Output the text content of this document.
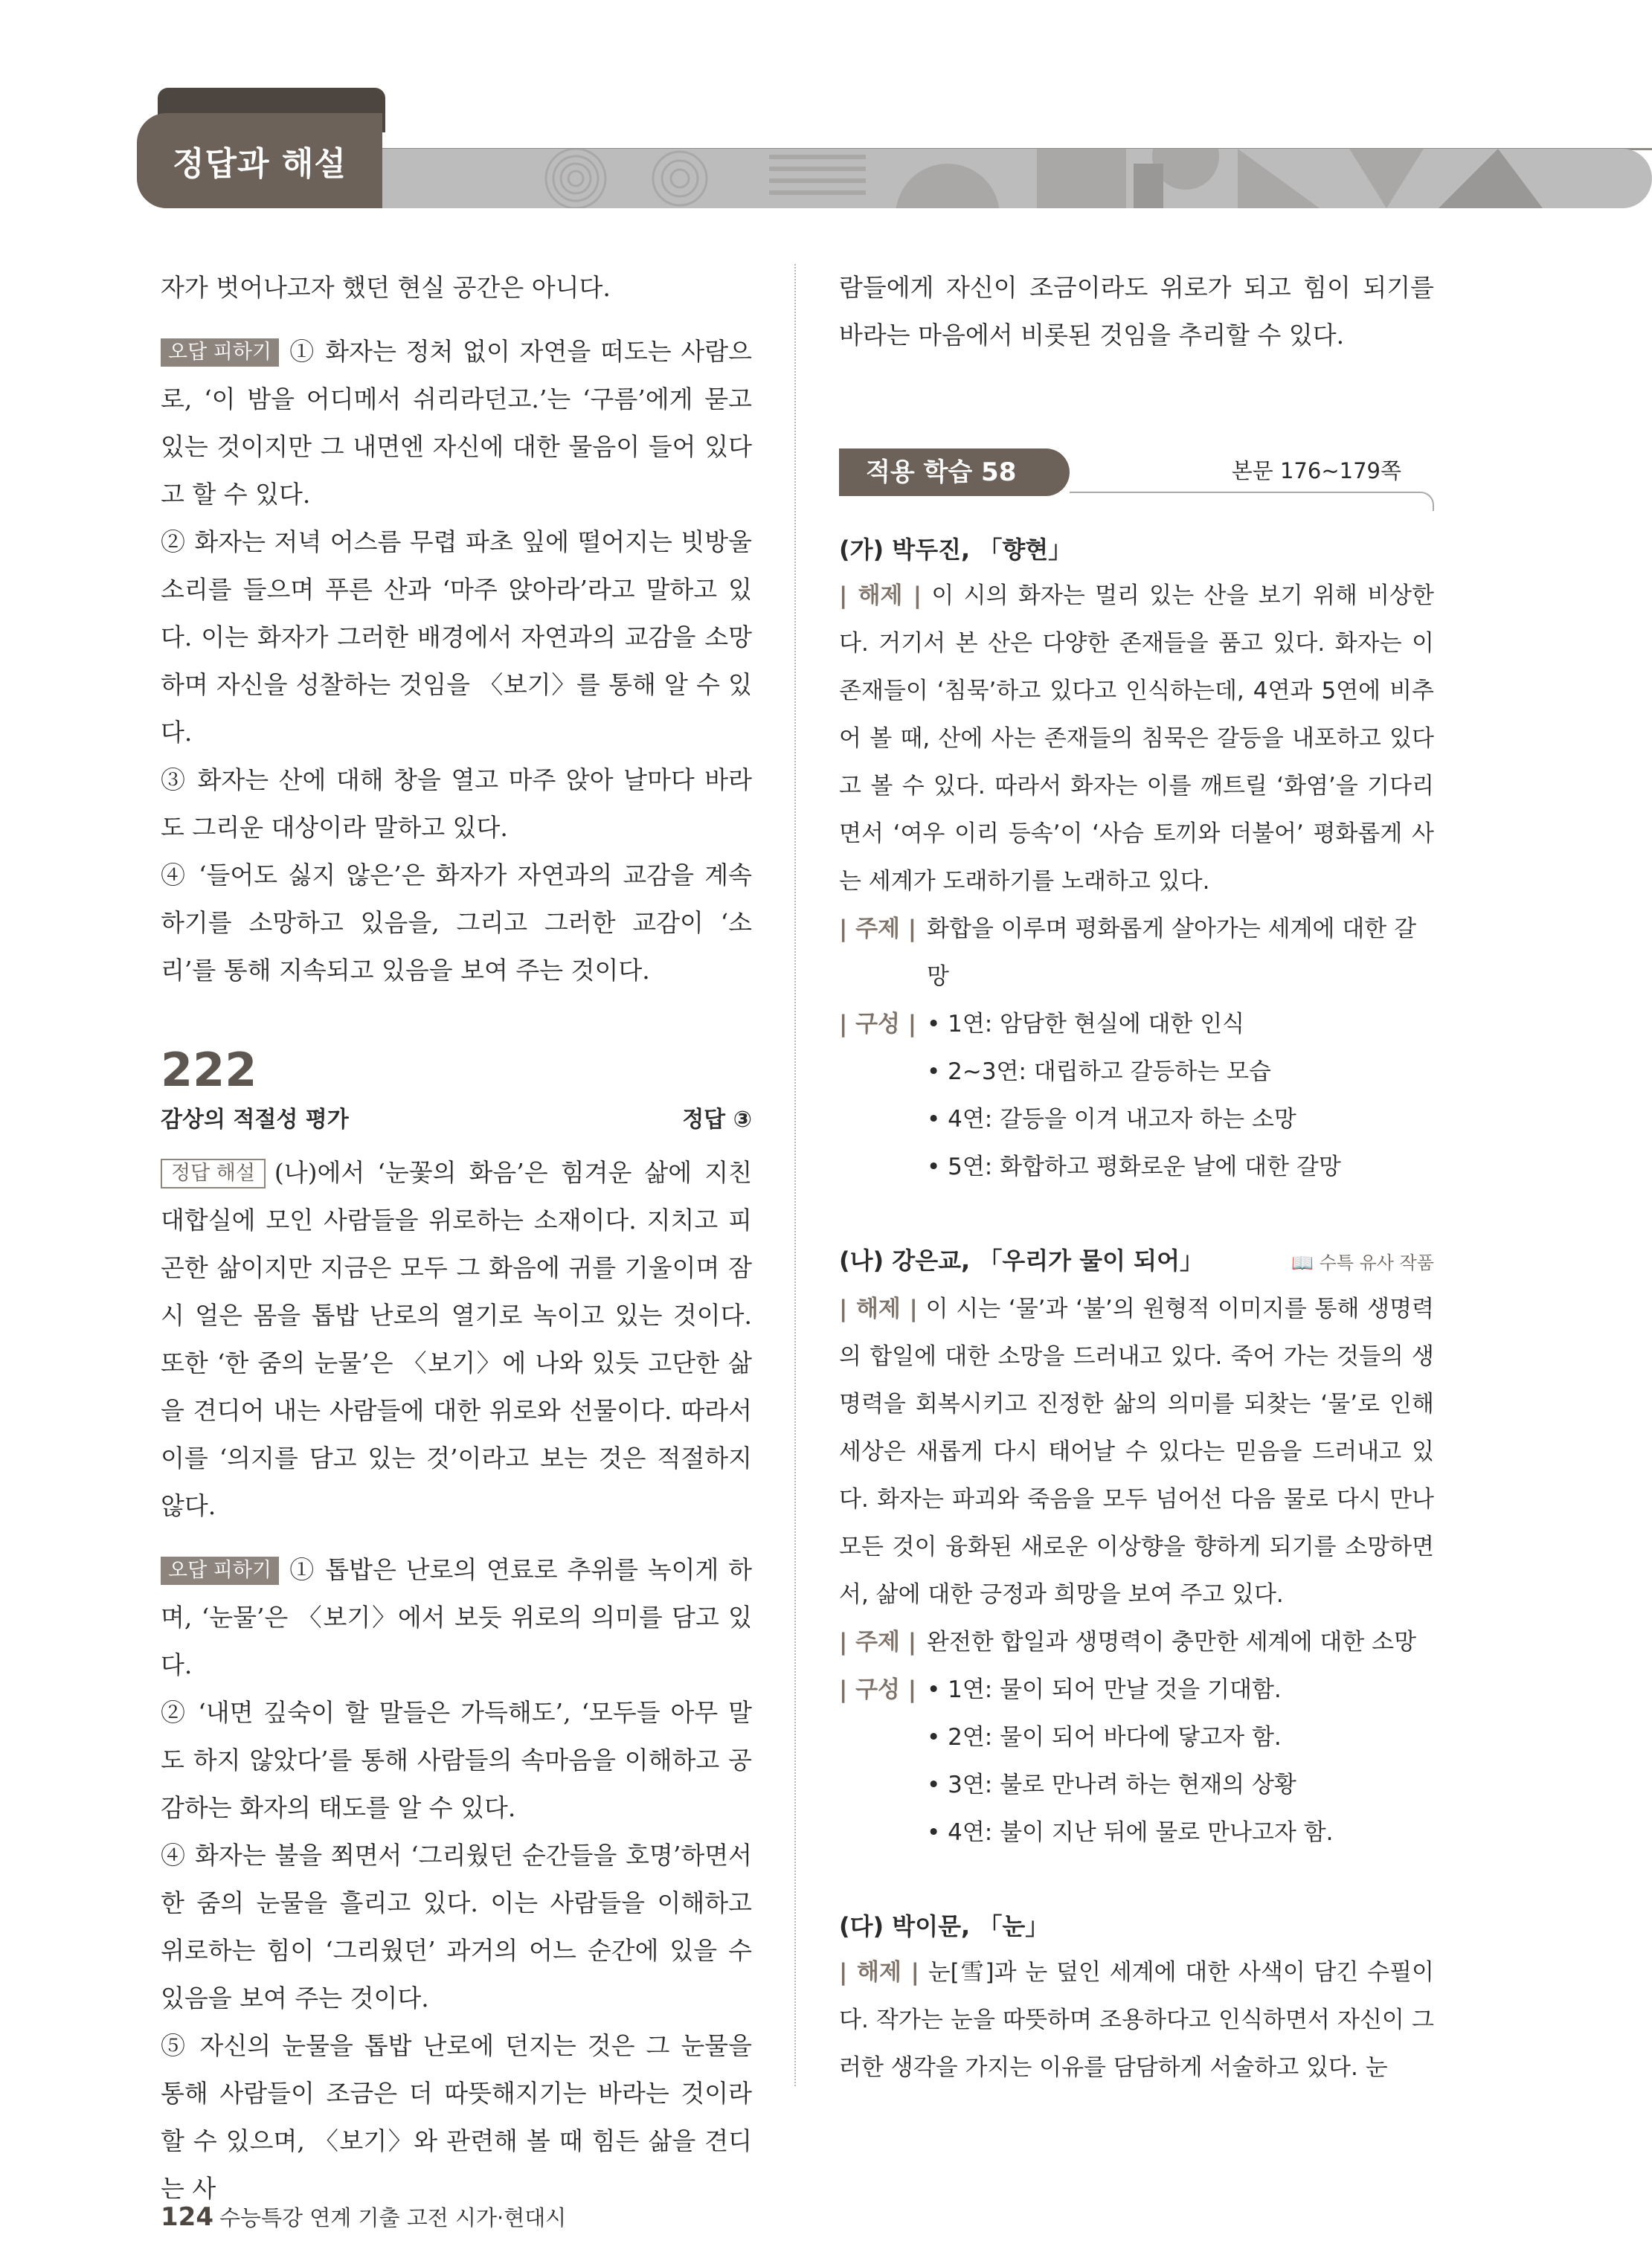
정답과 해설

자가 벗어나고자 했던 현실 공간은 아니다.

오답 피하기 ① 화자는 정처 없이 자연을 떠도는 사람으로, ‘이 밤을 어디메서 쉬리라던고.’는 ‘구름’에게 묻고 있는 것이지만 그 내면엔 자신에 대한 물음이 들어 있다고 할 수 있다.

② 화자는 저녁 어스름 무렵 파초 잎에 떨어지는 빗방울 소리를 들으며 푸른 산과 ‘마주 앉아라’라고 말하고 있다. 이는 화자가 그러한 배경에서 자연과의 교감을 소망하며 자신을 성찰하는 것임을 〈보기〉를 통해 알 수 있다.

③ 화자는 산에 대해 창을 열고 마주 앉아 날마다 바라도 그리운 대상이라 말하고 있다.

④ ‘들어도 싫지 않은’은 화자가 자연과의 교감을 계속하기를 소망하고 있음을, 그리고 그러한 교감이 ‘소리’를 통해 지속되고 있음을 보여 주는 것이다.

222
감상의 적절성 평가	정답 ③

정답 해설 (나)에서 ‘눈꽃의 화음’은 힘겨운 삶에 지친 대합실에 모인 사람들을 위로하는 소재이다. 지치고 피곤한 삶이지만 지금은 모두 그 화음에 귀를 기울이며 잠시 얼은 몸을 톱밥 난로의 열기로 녹이고 있는 것이다. 또한 ‘한 줌의 눈물’은 〈보기〉에 나와 있듯 고단한 삶을 견디어 내는 사람들에 대한 위로와 선물이다. 따라서 이를 ‘의지를 담고 있는 것’이라고 보는 것은 적절하지 않다.

오답 피하기 ① 톱밥은 난로의 연료로 추위를 녹이게 하며, ‘눈물’은 〈보기〉에서 보듯 위로의 의미를 담고 있다.

② ‘내면 깊숙이 할 말들은 가득해도’, ‘모두들 아무 말도 하지 않았다’를 통해 사람들의 속마음을 이해하고 공감하는 화자의 태도를 알 수 있다.

④ 화자는 불을 쬐면서 ‘그리웠던 순간들을 호명’하면서 한 줌의 눈물을 흘리고 있다. 이는 사람들을 이해하고 위로하는 힘이 ‘그리웠던’ 과거의 어느 순간에 있을 수 있음을 보여 주는 것이다.

⑤ 자신의 눈물을 톱밥 난로에 던지는 것은 그 눈물을 통해 사람들이 조금은 더 따뜻해지기는 바라는 것이라 할 수 있으며, 〈보기〉와 관련해 볼 때 힘든 삶을 견디는 사

람들에게 자신이 조금이라도 위로가 되고 힘이 되기를 바라는 마음에서 비롯된 것임을 추리할 수 있다.

적용 학습 58	본문 176~179쪽
(가) 박두진, 「향현」

| 해제 | 이 시의 화자는 멀리 있는 산을 보기 위해 비상한다. 거기서 본 산은 다양한 존재들을 품고 있다. 화자는 이 존재들이 ‘침묵’하고 있다고 인식하는데, 4연과 5연에 비추어 볼 때, 산에 사는 존재들의 침묵은 갈등을 내포하고 있다고 볼 수 있다. 따라서 화자는 이를 깨트릴 ‘화염’을 기다리면서 ‘여우 이리 등속’이 ‘사슴 토끼와 더불어’ 평화롭게 사는 세계가 도래하기를 노래하고 있다.

| 주제 | 화합을 이루며 평화롭게 살아가는 세계에 대한 갈망
| 구성 |	• 1연: 암담한 현실에 대한 인식
• 2~3연: 대립하고 갈등하는 모습
• 4연: 갈등을 이겨 내고자 하는 소망
• 5연: 화합하고 평화로운 날에 대한 갈망
(나) 강은교, 「우리가 물이 되어」	📖 수특 유사 작품

| 해제 | 이 시는 ‘물’과 ‘불’의 원형적 이미지를 통해 생명력의 합일에 대한 소망을 드러내고 있다. 죽어 가는 것들의 생명력을 회복시키고 진정한 삶의 의미를 되찾는 ‘물’로 인해 세상은 새롭게 다시 태어날 수 있다는 믿음을 드러내고 있다. 화자는 파괴와 죽음을 모두 넘어선 다음 물로 다시 만나 모든 것이 융화된 새로운 이상향을 향하게 되기를 소망하면서, 삶에 대한 긍정과 희망을 보여 주고 있다.

| 주제 | 완전한 합일과 생명력이 충만한 세계에 대한 소망
| 구성 |	• 1연: 물이 되어 만날 것을 기대함.
• 2연: 물이 되어 바다에 닿고자 함.
• 3연: 불로 만나려 하는 현재의 상황
• 4연: 불이 지난 뒤에 물로 만나고자 함.
(다) 박이문, 「눈」

| 해제 | 눈[雪]과 눈 덮인 세계에 대한 사색이 담긴 수필이다. 작가는 눈을 따뜻하며 조용하다고 인식하면서 자신이 그러한 생각을 가지는 이유를 담담하게 서술하고 있다. 눈

124 수능특강 연계 기출 고전 시가·현대시
